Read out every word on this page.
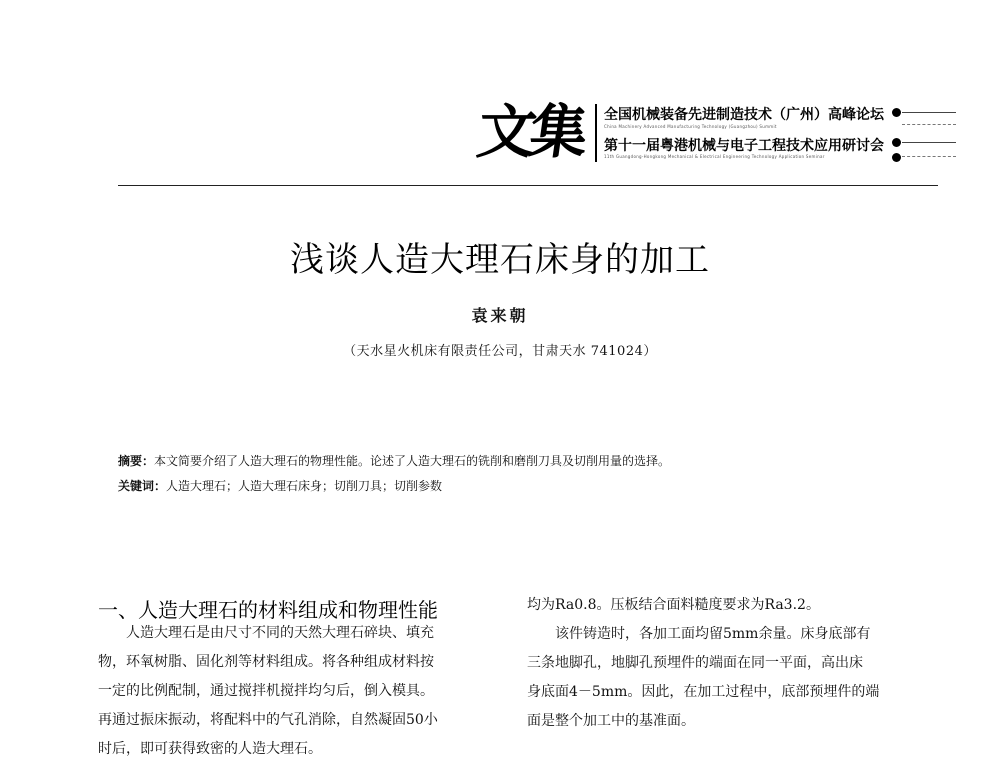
文集 全国机械装备先进制造技术（广州）高峰论坛
China Machinery Advanced Manufacturing Technology (Guangzhou) Summit
第十一届粤港机械与电子工程技术应用研讨会
11th Guangdong-Hongkong Mechanical & Electrical Engineering Technology Application Seminar
浅谈人造大理石床身的加工
袁来朝
（天水星火机床有限责任公司，甘肃天水 741024）
摘要：本文简要介绍了人造大理石的物理性能。论述了人造大理石的铣削和磨削刀具及切削用量的选择。
关键词：人造大理石；人造大理石床身；切削刀具；切削参数
一、人造大理石的材料组成和物理性能
人造大理石是由尺寸不同的天然大理石碎块、填充
物，环氧树脂、固化剂等材料组成。将各种组成材料按
一定的比例配制，通过搅拌机搅拌均匀后，倒入模具。
再通过振床振动，将配料中的气孔消除，自然凝固50小
时后，即可获得致密的人造大理石。
均为Ra0.8。压板结合面料糙度要求为Ra3.2。
该件铸造时，各加工面均留5mm余量。床身底部有
三条地脚孔，地脚孔预埋件的端面在同一平面，高出床
身底面4－5mm。因此，在加工过程中，底部预埋件的端
面是整个加工中的基准面。
